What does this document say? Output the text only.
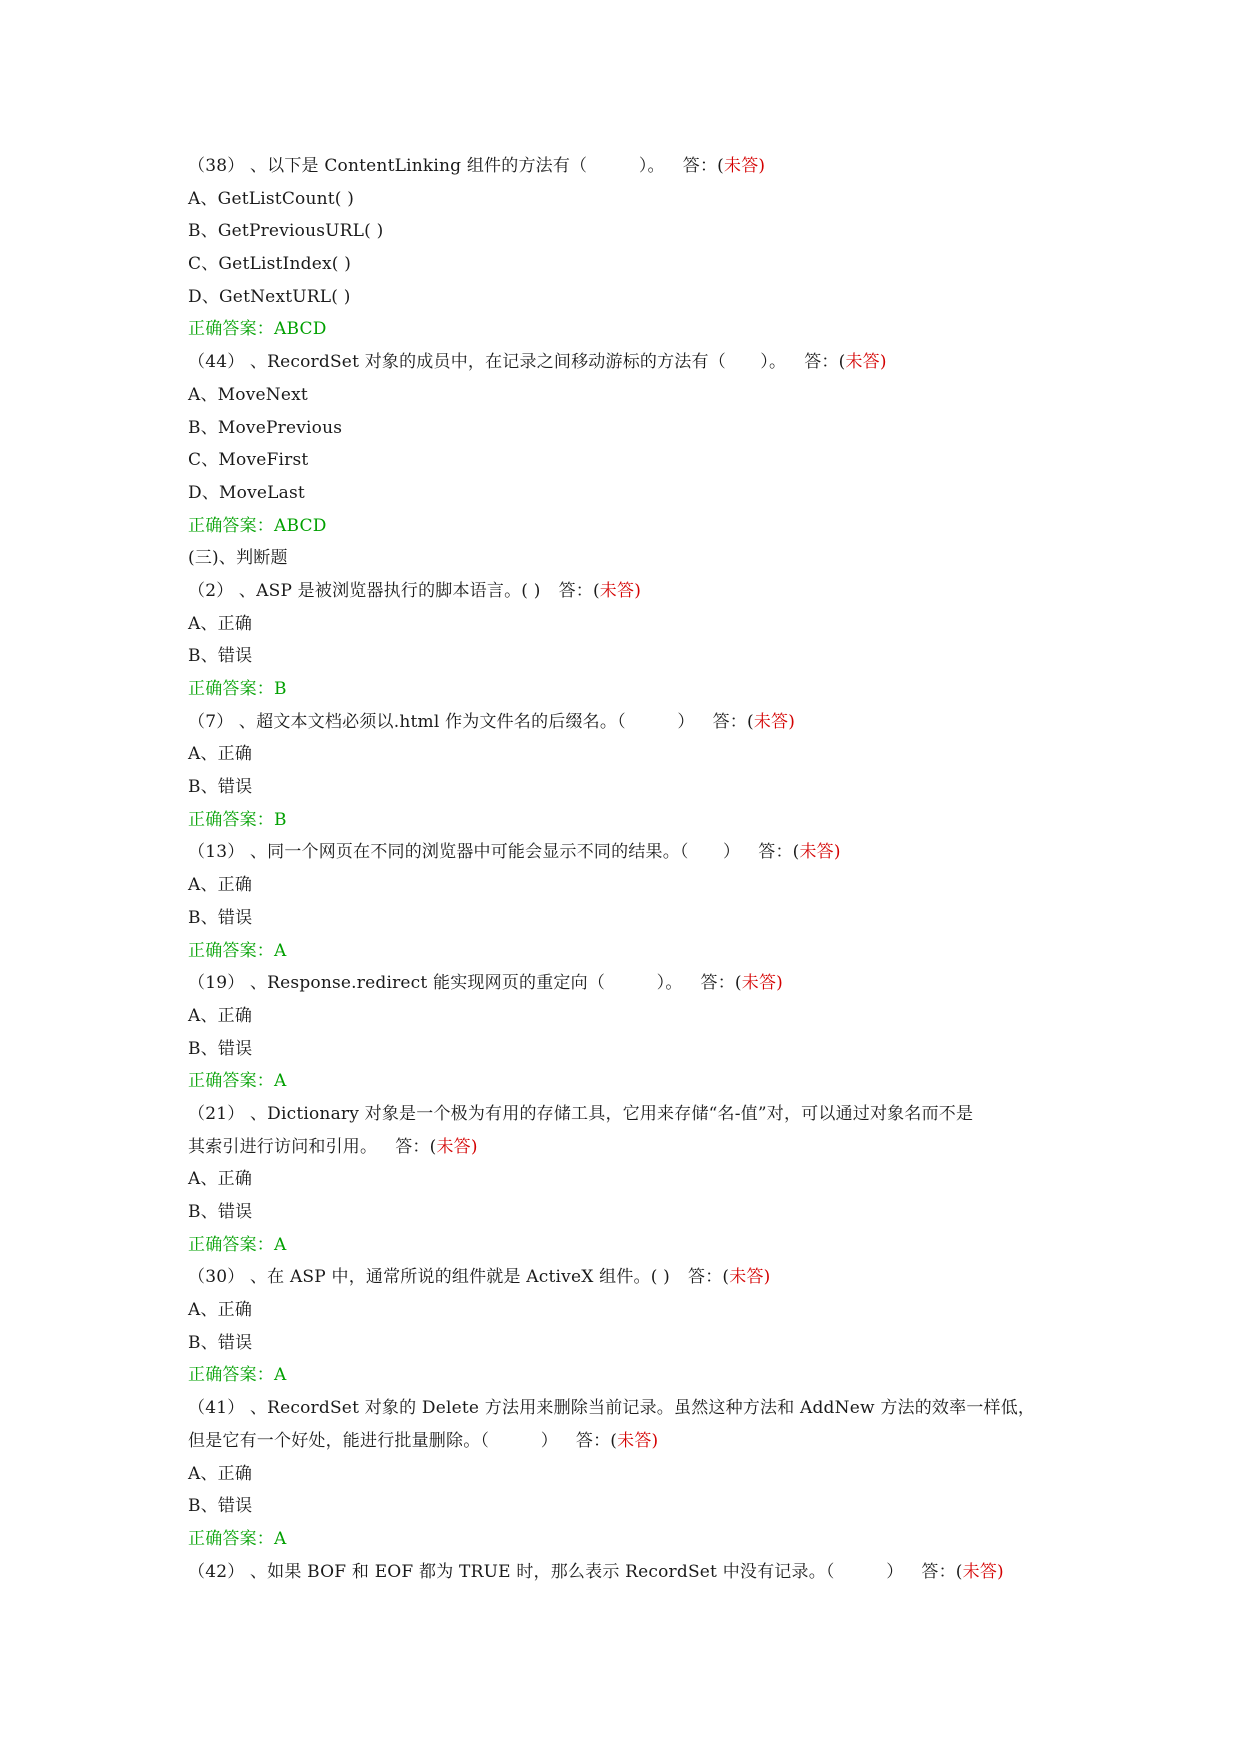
（38） 、以下是 ContentLinking 组件的方法有（　　　）。 答：(未答)
A、GetListCount( )
B、GetPreviousURL( )
C、GetListIndex( )
D、GetNextURL( )
正确答案：ABCD
（44） 、RecordSet 对象的成员中，在记录之间移动游标的方法有（　　）。 答：(未答)
A、MoveNext
B、MovePrevious
C、MoveFirst
D、MoveLast
正确答案：ABCD
(三)、判断题
（2） 、ASP 是被浏览器执行的脚本语言。( ) 答：(未答)
A、正确
B、错误
正确答案：B
（7） 、超文本文档必须以.html 作为文件名的后缀名。（　　　） 答：(未答)
A、正确
B、错误
正确答案：B
（13） 、同一个网页在不同的浏览器中可能会显示不同的结果。（　　） 答：(未答)
A、正确
B、错误
正确答案：A
（19） 、Response.redirect 能实现网页的重定向（　　　）。 答：(未答)
A、正确
B、错误
正确答案：A
（21） 、Dictionary 对象是一个极为有用的存储工具，它用来存储“名-值”对，可以通过对象名而不是
其索引进行访问和引用。 答：(未答)
A、正确
B、错误
正确答案：A
（30） 、在 ASP 中，通常所说的组件就是 ActiveX 组件。( ) 答：(未答)
A、正确
B、错误
正确答案：A
（41） 、RecordSet 对象的 Delete 方法用来删除当前记录。虽然这种方法和 AddNew 方法的效率一样低，
但是它有一个好处，能进行批量删除。（　　　） 答：(未答)
A、正确
B、错误
正确答案：A
（42） 、如果 BOF 和 EOF 都为 TRUE 时，那么表示 RecordSet 中没有记录。（　　　） 答：(未答)
